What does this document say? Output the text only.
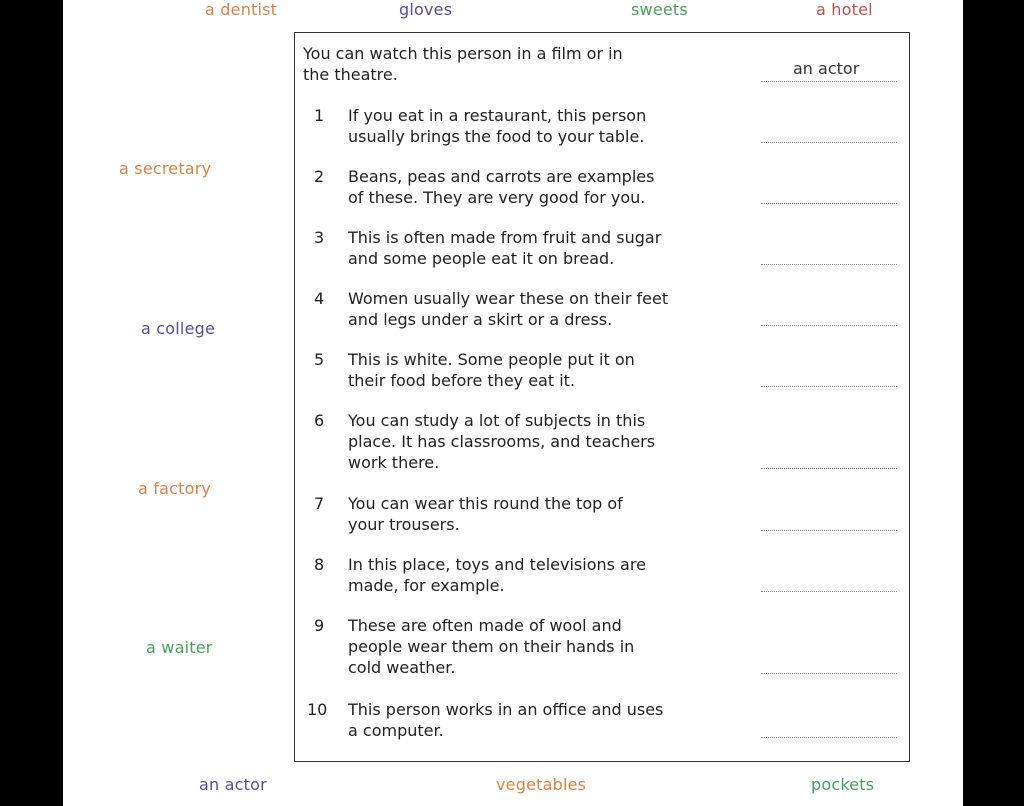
a dentist	gloves	sweets	a hotel
a secretary
a college
a factory
a waiter
an actor	vegetables	pockets
You can watch this person in a film or in
the theatre.	an actor
1	If you eat in a restaurant, this person
usually brings the food to your table.
2	Beans, peas and carrots are examples
of these. They are very good for you.
3	This is often made from fruit and sugar
and some people eat it on bread.
4	Women usually wear these on their feet
and legs under a skirt or a dress.
5	This is white. Some people put it on
their food before they eat it.
6	You can study a lot of subjects in this
place. It has classrooms, and teachers
work there.
7	You can wear this round the top of
your trousers.
8	In this place, toys and televisions are
made, for example.
9	These are often made of wool and
people wear them on their hands in
cold weather.
10 This person works in an office and uses
a computer.
